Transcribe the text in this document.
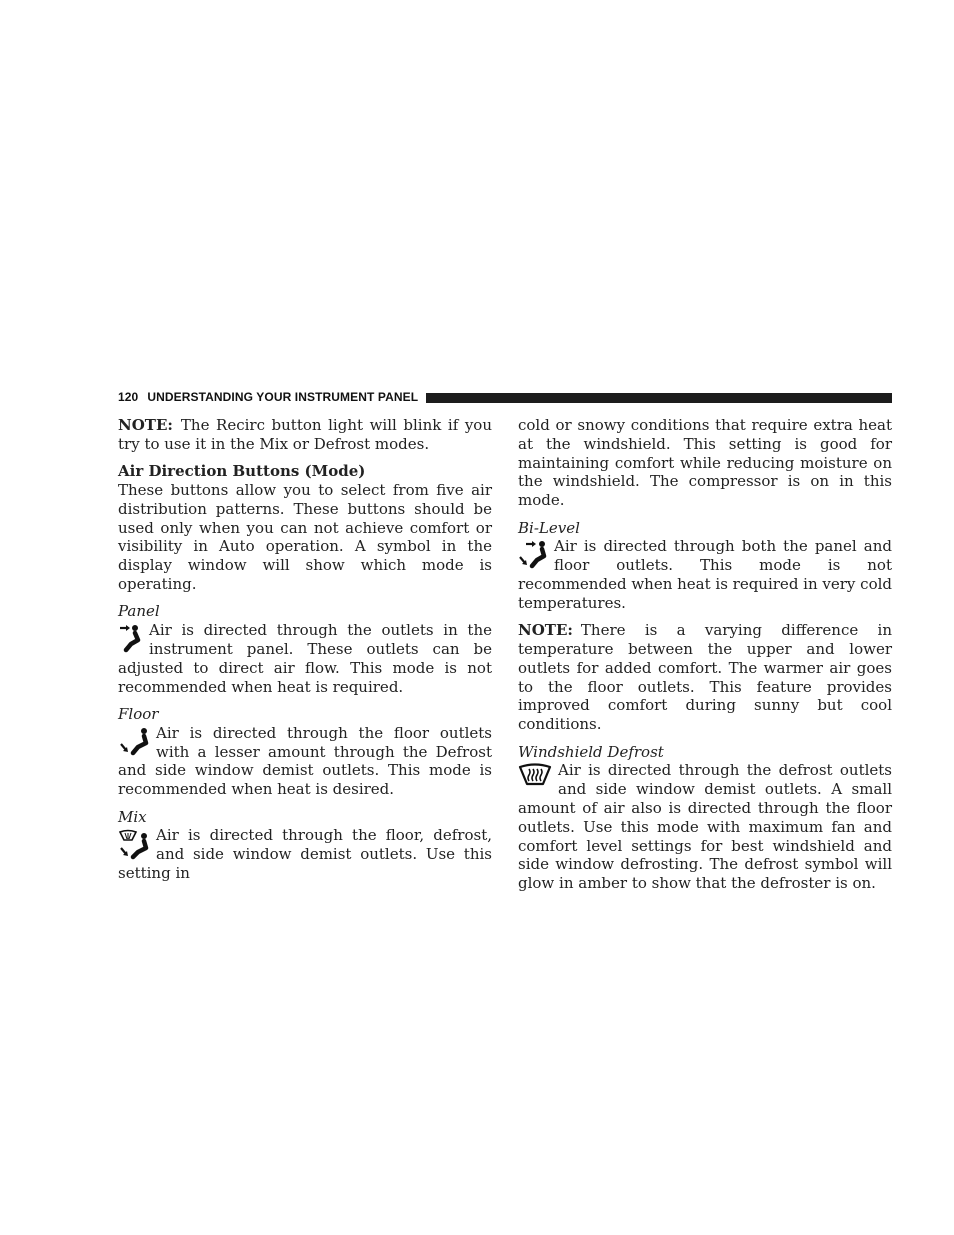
120 UNDERSTANDING YOUR INSTRUMENT PANEL

NOTE: The Recirc button light will blink if you try to use it in the Mix or Defrost modes.

Air Direction Buttons (Mode)

These buttons allow you to select from five air distribution patterns. These buttons should be used only when you can not achieve comfort or visibility in Auto operation. A symbol in the display window will show which mode is operating.

Panel

Air is directed through the outlets in the instrument panel. These outlets can be adjusted to direct air flow. This mode is not recommended when heat is required.

Floor

Air is directed through the floor outlets with a lesser amount through the Defrost and side window demist outlets. This mode is recommended when heat is desired.

Mix

Air is directed through the floor, defrost, and side window demist outlets. Use this setting in

cold or snowy conditions that require extra heat at the windshield. This setting is good for maintaining comfort while reducing moisture on the windshield. The compressor is on in this mode.

Bi-Level

Air is directed through both the panel and floor outlets. This mode is not recommended when heat is required in very cold temperatures.

NOTE: There is a varying difference in temperature between the upper and lower outlets for added comfort. The warmer air goes to the floor outlets. This feature provides improved comfort during sunny but cool conditions.

Windshield Defrost

Air is directed through the defrost outlets and side window demist outlets. A small amount of air also is directed through the floor outlets. Use this mode with maximum fan and comfort level settings for best windshield and side window defrosting. The defrost symbol will glow in amber to show that the defroster is on.
